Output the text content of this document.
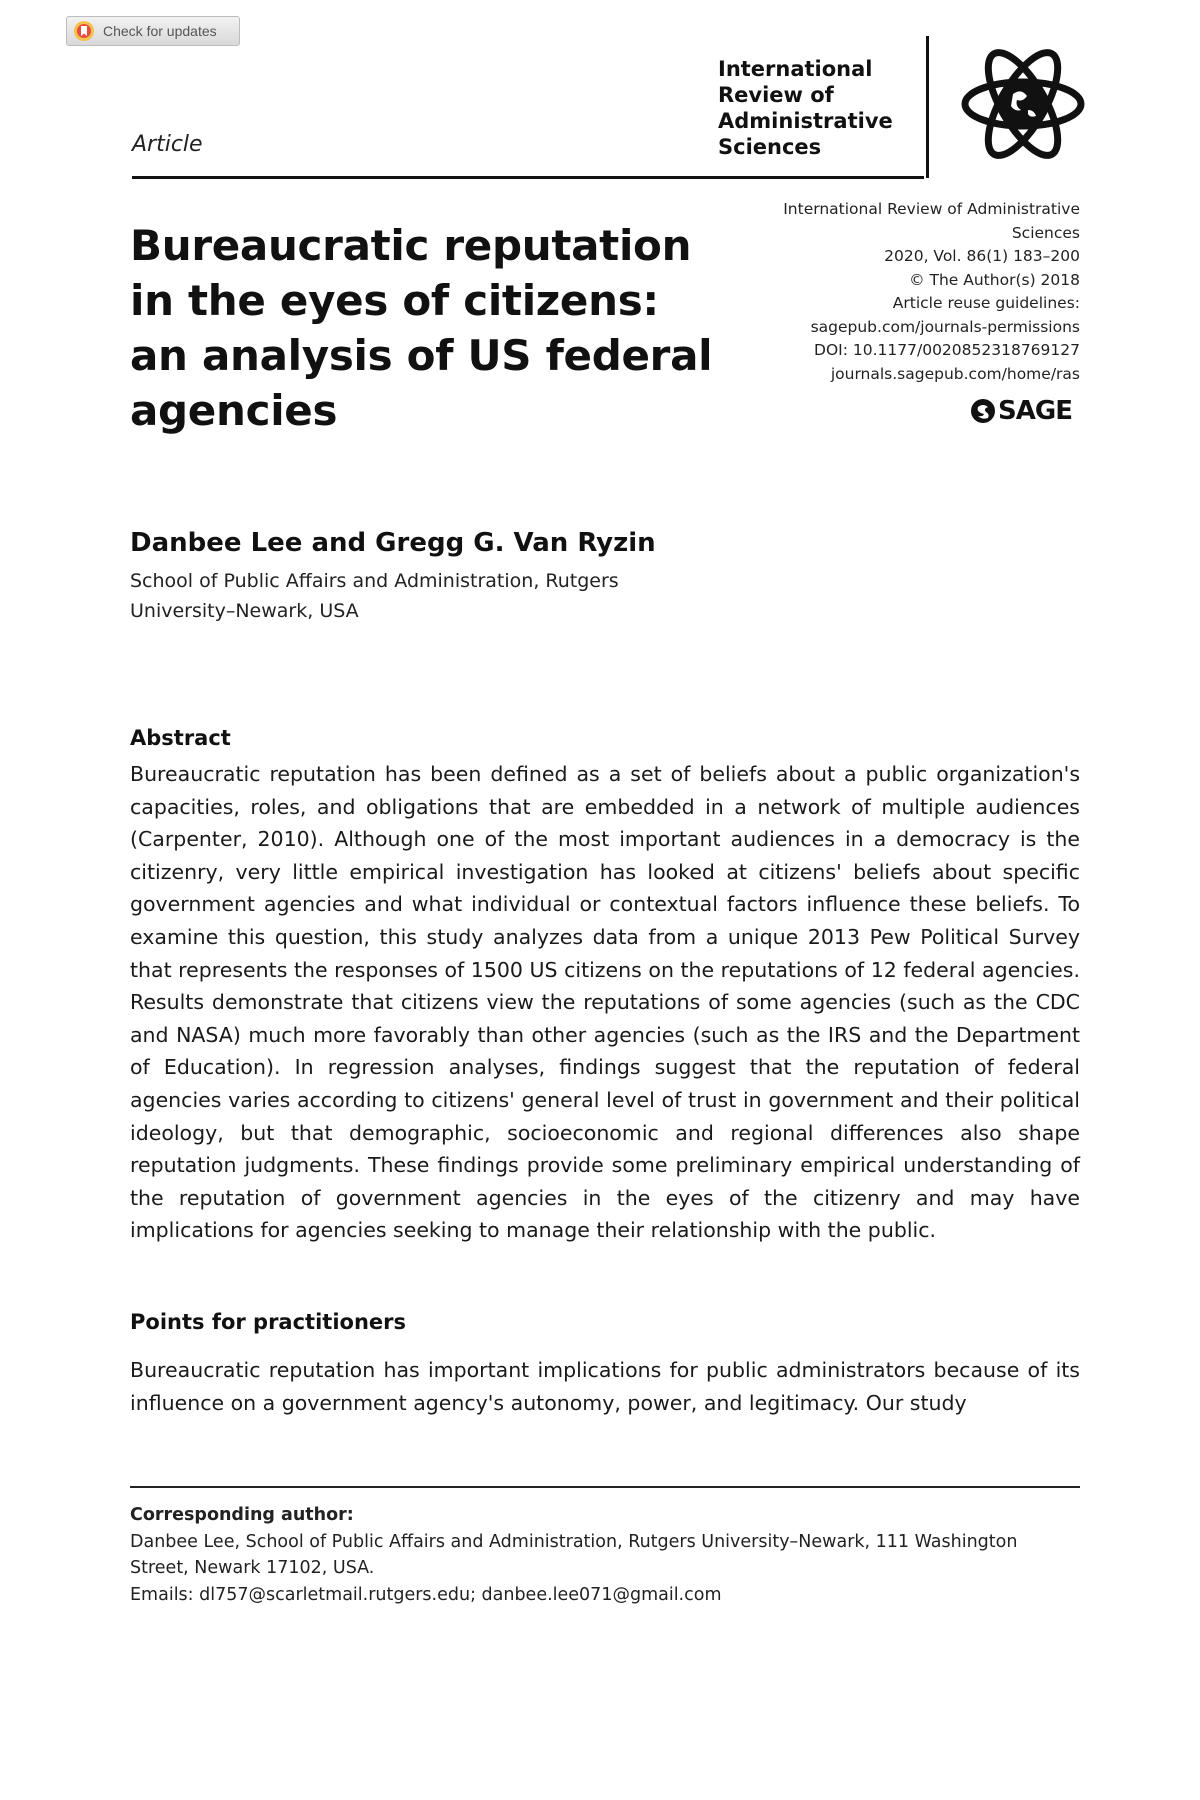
Check for updates
Article
International
Review of
Administrative
Sciences
Bureaucratic reputation in the eyes of citizens: an analysis of US federal agencies
International Review of Administrative
Sciences
2020, Vol. 86(1) 183–200
© The Author(s) 2018
Article reuse guidelines:
sagepub.com/journals-permissions
DOI: 10.1177/0020852318769127
journals.sagepub.com/home/ras
SAGE
Danbee Lee and Gregg G. Van Ryzin
School of Public Affairs and Administration, Rutgers University–Newark, USA
Abstract

Bureaucratic reputation has been defined as a set of beliefs about a public organization's capacities, roles, and obligations that are embedded in a network of multiple audiences (Carpenter, 2010). Although one of the most important audiences in a democracy is the citizenry, very little empirical investigation has looked at citizens' beliefs about specific government agencies and what individual or contextual factors influence these beliefs. To examine this question, this study analyzes data from a unique 2013 Pew Political Survey that represents the responses of 1500 US citizens on the reputations of 12 federal agencies. Results demonstrate that citizens view the reputations of some agencies (such as the CDC and NASA) much more favorably than other agencies (such as the IRS and the Department of Education). In regression analyses, findings suggest that the reputation of federal agencies varies according to citizens' general level of trust in government and their political ideology, but that demographic, socioeconomic and regional differences also shape reputation judgments. These findings provide some preliminary empirical understanding of the reputation of government agencies in the eyes of the citizenry and may have implications for agencies seeking to manage their relationship with the public.

Points for practitioners

Bureaucratic reputation has important implications for public administrators because of its influence on a government agency's autonomy, power, and legitimacy. Our study

Corresponding author:
Danbee Lee, School of Public Affairs and Administration, Rutgers University–Newark, 111 Washington Street, Newark 17102, USA.
Emails: dl757@scarletmail.rutgers.edu; danbee.lee071@gmail.com
